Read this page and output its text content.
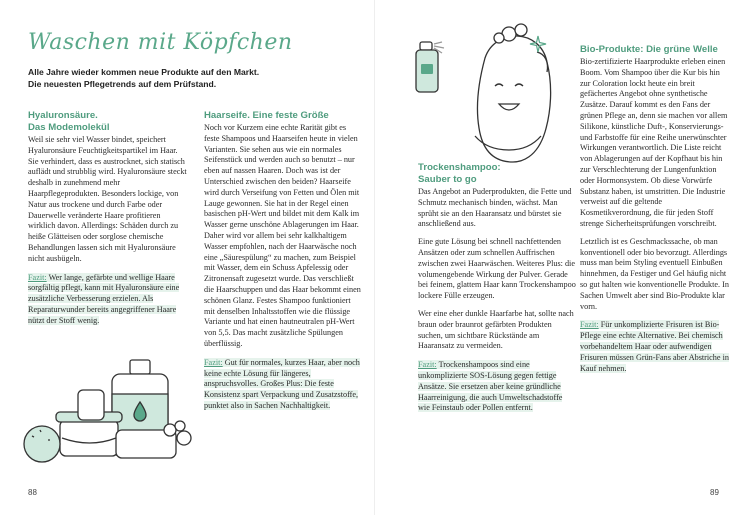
Waschen mit Köpfchen
Alle Jahre wieder kommen neue Produkte auf den Markt.
Die neuesten Pflegetrends auf dem Prüfstand.
Hyaluronsäure.
Das Modemolekül

Weil sie sehr viel Wasser bindet, speichert Hyaluronsäure Feuchtigkeitspartikel im Haar. Sie verhindert, dass es austrocknet, sich statisch auflädt und strubblig wird. Hyaluronsäure steckt deshalb in zunehmend mehr Haarpflegeprodukten. Besonders lockige, von Natur aus trockene und durch Farbe oder Dauerwelle veränderte Haare profitieren wirklich davon. Allerdings: Schäden durch zu heiße Glätteisen oder sorglose chemische Behandlungen lassen sich mit Hyaluronsäure nicht ausbügeln.

Fazit: Wer lange, gefärbte und wellige Haare sorgfältig pflegt, kann mit Hyaluronsäure eine zusätzliche Verbesserung erzielen. Als Reparaturwunder bereits angegriffener Haare nützt der Stoff wenig.

Haarseife. Eine feste Größe

Noch vor Kurzem eine echte Rarität gibt es feste Shampoos und Haarseifen heute in vielen Varianten. Sie sehen aus wie ein normales Seifenstück und werden auch so benutzt – nur eben auf nassen Haaren. Doch was ist der Unterschied zwischen den beiden? Haarseife wird durch Verseifung von Fetten und Ölen mit Lauge gewonnen. Sie hat in der Regel einen basischen pH-Wert und bildet mit dem Kalk im Wasser gerne unschöne Ablagerungen im Haar. Daher wird vor allem bei sehr kalkhaltigem Wasser empfohlen, nach der Haarwäsche noch eine „Säurespülung“ zu machen, zum Beispiel mit Wasser, dem ein Schuss Apfelessig oder Zitronensaft zugesetzt wurde. Das verschließt die Haarschuppen und das Haar bekommt einen schönen Glanz. Festes Shampoo funktioniert mit denselben Inhaltsstoffen wie die flüssige Variante und hat einen hautneutralen pH-Wert von 5,5. Das macht zusätzliche Spülungen überflüssig.

Fazit: Gut für normales, kurzes Haar, aber noch keine echte Lösung für längeres, anspruchsvolles. Großes Plus: Die feste Konsistenz spart Verpackung und Zusatzstoffe, punktet also in Sachen Nachhaltigkeit.

88
Trockenshampoo:
Sauber to go

Das Angebot an Puderprodukten, die Fette und Schmutz mechanisch binden, wächst. Man sprüht sie an den Haaransatz und bürstet sie anschließend aus.

Eine gute Lösung bei schnell nachfettenden Ansätzen oder zum schnellen Auffrischen zwischen zwei Haarwäschen. Weiteres Plus: die volumengebende Wirkung der Pulver. Gerade bei feinem, glattem Haar kann Trockenshampoo lockere Fülle erzeugen.

Wer eine eher dunkle Haarfarbe hat, sollte nach braun oder braunrot gefärbten Produkten suchen, um sichtbare Rückstände am Haaransatz zu vermeiden.

Fazit: Trockenshampoos sind eine unkomplizierte SOS-Lösung gegen fettige Ansätze. Sie ersetzen aber keine gründliche Haarreinigung, die auch Umweltschadstoffe wie Feinstaub oder Pollen entfernt.

Bio-Produkte: Die grüne Welle

Bio-zertifizierte Haarprodukte erleben einen Boom. Vom Shampoo über die Kur bis hin zur Coloration lockt heute ein breit gefächertes Angebot ohne synthetische Zusätze. Darauf kommt es den Fans der grünen Pflege an, denn sie machen vor allem Silikone, künstliche Duft-, Konservierungs- und Farbstoffe für eine Reihe unerwünschter Wirkungen verantwortlich. Die Liste reicht von Ablagerungen auf der Kopfhaut bis hin zur Verschlechterung der Lungenfunktion oder Hormonsystem. Ob diese Vorwürfe Substanz haben, ist umstritten. Die Industrie verweist auf die geltende Kosmetikverordnung, die für jeden Stoff strenge Sicherheitsprüfungen vorschreibt.

Letztlich ist es Geschmackssache, ob man konventionell oder bio bevorzugt. Allerdings muss man beim Styling eventuell Einbußen hinnehmen, da Festiger und Gel häufig nicht so gut halten wie konventionelle Produkte. In Sachen Umwelt aber sind Bio-Produkte klar vorn.

Fazit: Für unkomplizierte Frisuren ist Bio-Pflege eine echte Alternative. Bei chemisch vorbehandeltem Haar oder aufwendigen Frisuren müssen Grün-Fans aber Abstriche in Kauf nehmen.

89
